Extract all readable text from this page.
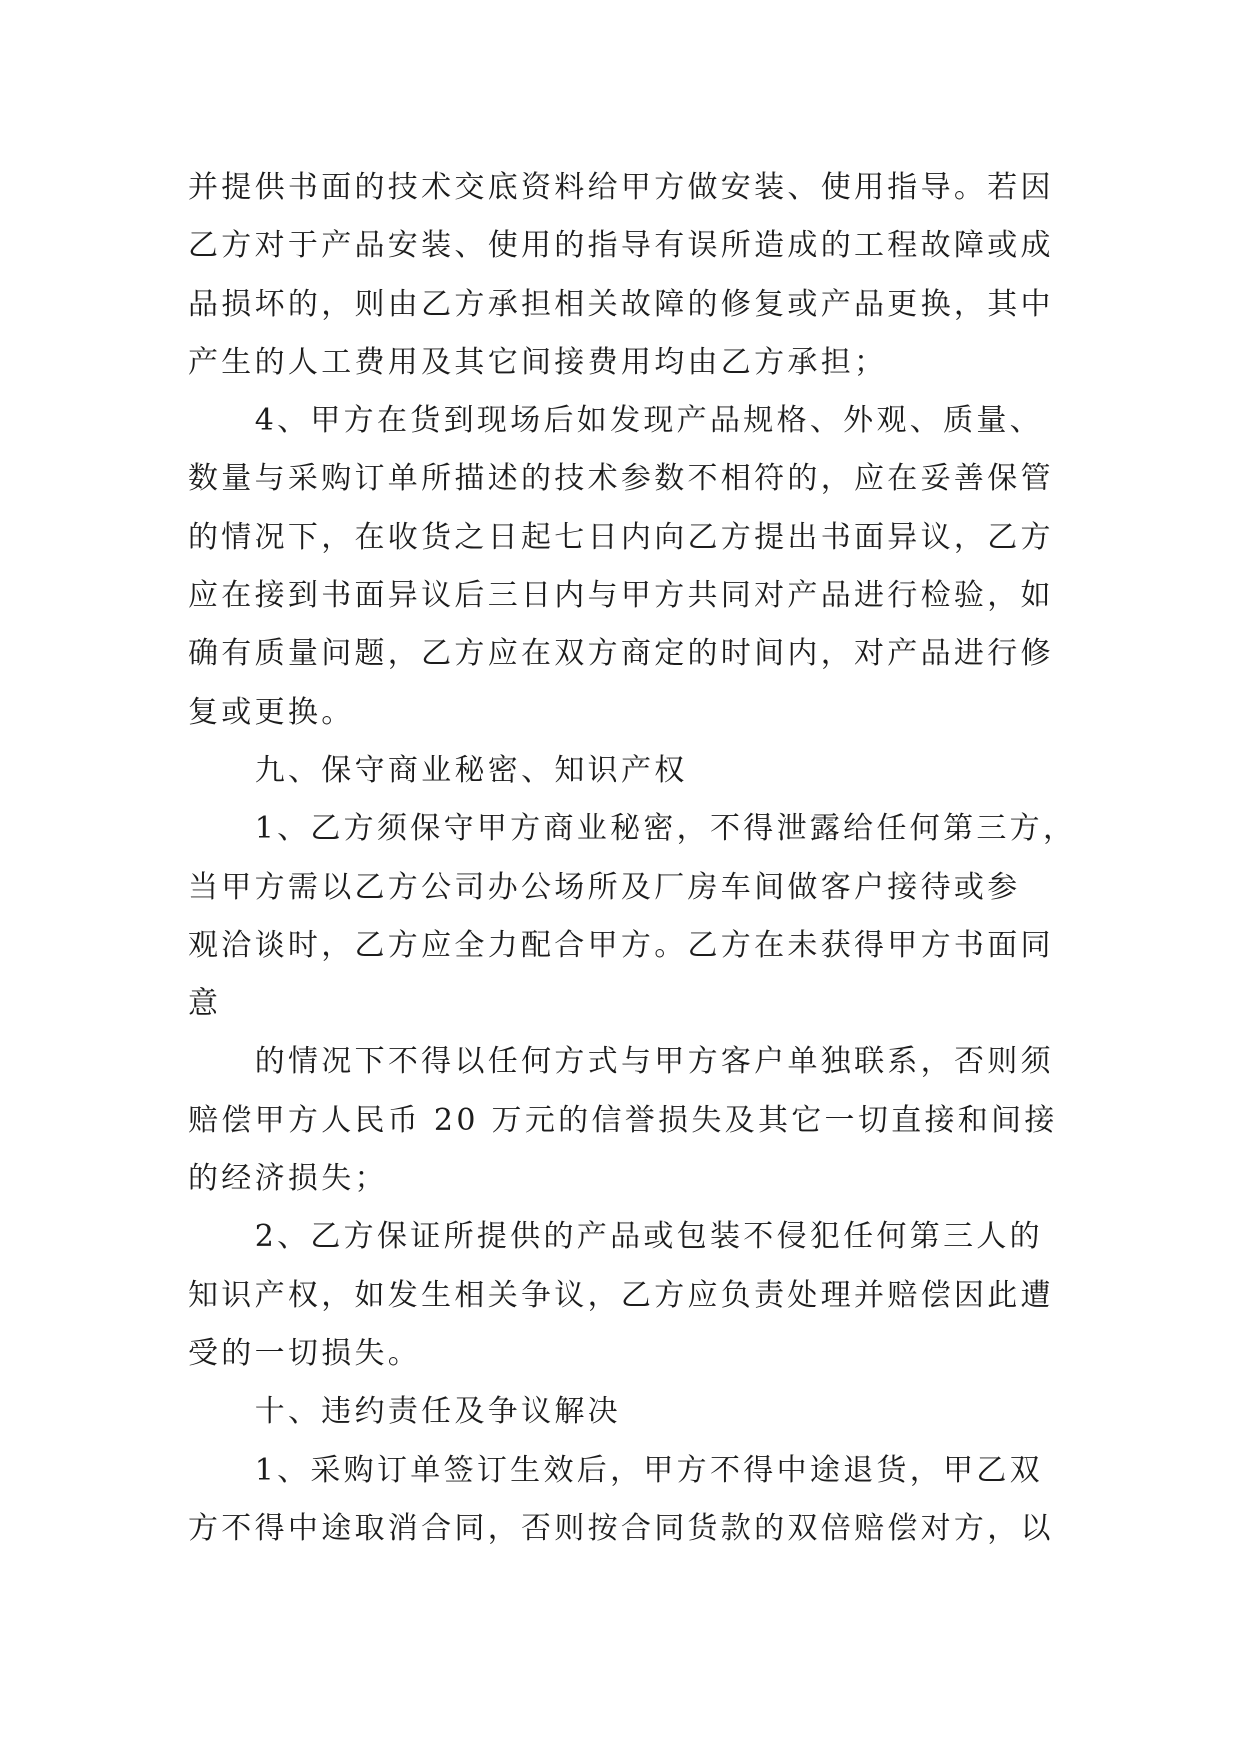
并提供书面的技术交底资料给甲方做安装、使用指导。若因
乙方对于产品安装、使用的指导有误所造成的工程故障或成
品损坏的，则由乙方承担相关故障的修复或产品更换，其中
产生的人工费用及其它间接费用均由乙方承担；
4、甲方在货到现场后如发现产品规格、外观、质量、
数量与采购订单所描述的技术参数不相符的，应在妥善保管
的情况下，在收货之日起七日内向乙方提出书面异议，乙方
应在接到书面异议后三日内与甲方共同对产品进行检验，如
确有质量问题，乙方应在双方商定的时间内，对产品进行修
复或更换。
九、保守商业秘密、知识产权
1、乙方须保守甲方商业秘密，不得泄露给任何第三方，
当甲方需以乙方公司办公场所及厂房车间做客户接待或参
观洽谈时，乙方应全力配合甲方。乙方在未获得甲方书面同
意
的情况下不得以任何方式与甲方客户单独联系，否则须
赔偿甲方人民币 20 万元的信誉损失及其它一切直接和间接
的经济损失；
2、乙方保证所提供的产品或包装不侵犯任何第三人的
知识产权，如发生相关争议，乙方应负责处理并赔偿因此遭
受的一切损失。
十、违约责任及争议解决
1、采购订单签订生效后，甲方不得中途退货，甲乙双
方不得中途取消合同，否则按合同货款的双倍赔偿对方，以
